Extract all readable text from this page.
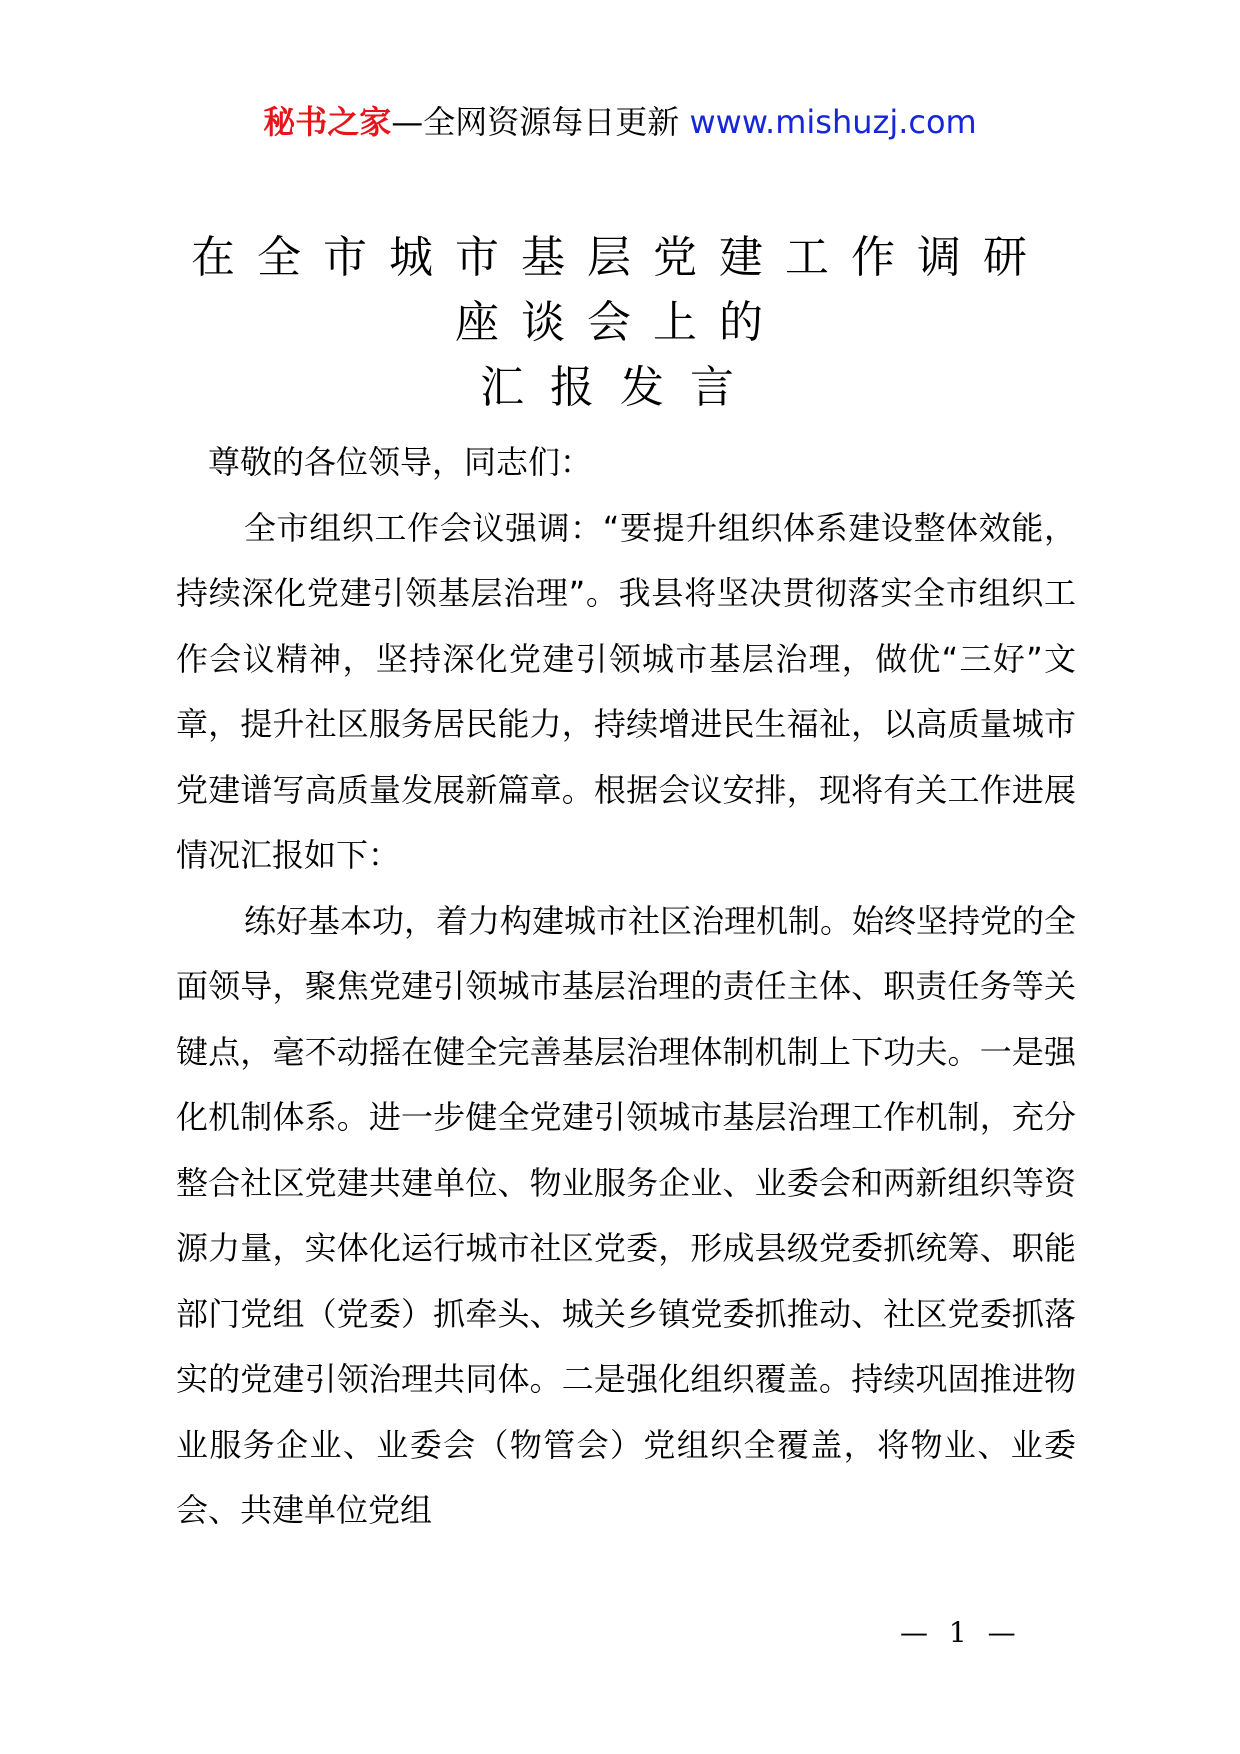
秘书之家—全网资源每日更新 www.mishuzj.com
在全市城市基层党建工作调研
座谈会上的
汇报发言

尊敬的各位领导，同志们：

全市组织工作会议强调：“要提升组织体系建设整体效能，持续深化党建引领基层治理”。我县将坚决贯彻落实全市组织工作会议精神，坚持深化党建引领城市基层治理，做优“三好”文章，提升社区服务居民能力，持续增进民生福祉，以高质量城市党建谱写高质量发展新篇章。根据会议安排，现将有关工作进展情况汇报如下：

练好基本功，着力构建城市社区治理机制。始终坚持党的全面领导，聚焦党建引领城市基层治理的责任主体、职责任务等关键点，毫不动摇在健全完善基层治理体制机制上下功夫。一是强化机制体系。进一步健全党建引领城市基层治理工作机制，充分整合社区党建共建单位、物业服务企业、业委会和两新组织等资源力量，实体化运行城市社区党委，形成县级党委抓统筹、职能部门党组（党委）抓牵头、城关乡镇党委抓推动、社区党委抓落实的党建引领治理共同体。二是强化组织覆盖。持续巩固推进物业服务企业、业委会（物管会）党组织全覆盖，将物业、业委会、共建单位党组

— 1 —
